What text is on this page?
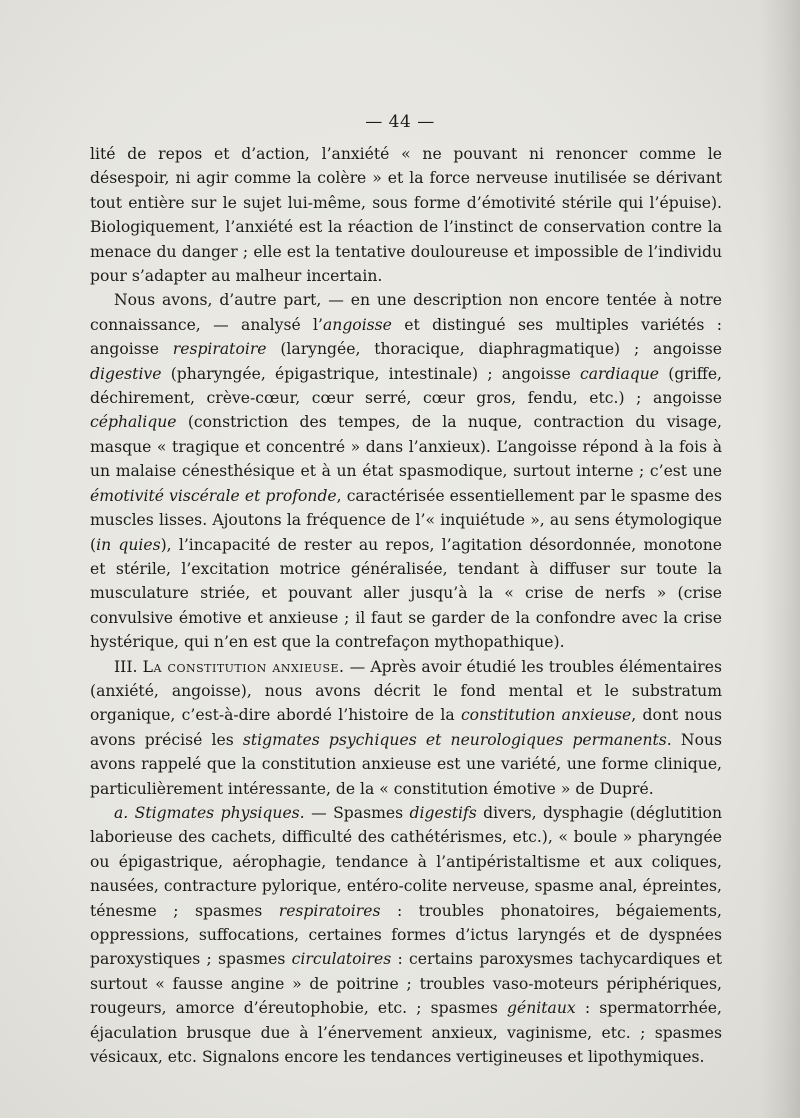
— 44 —

lité de repos et d’action, l’anxiété « ne pouvant ni renoncer comme le désespoir, ni agir comme la colère » et la force nerveuse inutilisée se dérivant tout entière sur le sujet lui-même, sous forme d’émotivité stérile qui l’épuise). Biologiquement, l’anxiété est la réaction de l’instinct de conservation contre la menace du danger ; elle est la tentative douloureuse et impossible de l’individu pour s’adapter au malheur incertain.

Nous avons, d’autre part, — en une description non encore tentée à notre connaissance, — analysé l’angoisse et distingué ses multiples variétés : angoisse respiratoire (laryngée, thoracique, diaphragmatique) ; angoisse digestive (pharyngée, épigastrique, intestinale) ; angoisse cardiaque (griffe, déchirement, crève-cœur, cœur serré, cœur gros, fendu, etc.) ; angoisse céphalique (constriction des tempes, de la nuque, contraction du visage, masque « tragique et concentré » dans l’anxieux). L’angoisse répond à la fois à un malaise cénesthésique et à un état spasmodique, surtout interne ; c’est une émotivité viscérale et profonde, caractérisée essentiellement par le spasme des muscles lisses. Ajoutons la fréquence de l’« inquiétude », au sens étymologique (in quies), l’incapacité de rester au repos, l’agitation désordonnée, monotone et stérile, l’excitation motrice généralisée, tendant à diffuser sur toute la musculature striée, et pouvant aller jusqu’à la « crise de nerfs » (crise convulsive émotive et anxieuse ; il faut se garder de la confondre avec la crise hystérique, qui n’en est que la contrefaçon mythopathique).

III. La constitution anxieuse. — Après avoir étudié les troubles élémentaires (anxiété, angoisse), nous avons décrit le fond mental et le substratum organique, c’est-à-dire abordé l’histoire de la constitution anxieuse, dont nous avons précisé les stigmates psychiques et neurologiques permanents. Nous avons rappelé que la constitution anxieuse est une variété, une forme clinique, particulièrement intéressante, de la « constitution émotive » de Dupré.

a. Stigmates physiques. — Spasmes digestifs divers, dysphagie (déglutition laborieuse des cachets, difficulté des cathétérismes, etc.), « boule » pharyngée ou épigastrique, aérophagie, tendance à l’antipéristaltisme et aux coliques, nausées, contracture pylorique, entéro-colite nerveuse, spasme anal, épreintes, ténesme ; spasmes respiratoires : troubles phonatoires, bégaiements, oppressions, suffocations, certaines formes d’ictus laryngés et de dyspnées paroxystiques ; spasmes circulatoires : certains paroxysmes tachycardiques et surtout « fausse angine » de poitrine ; troubles vaso-moteurs périphériques, rougeurs, amorce d’éreutophobie, etc. ; spasmes génitaux : spermatorrhée, éjaculation brusque due à l’énervement anxieux, vaginisme, etc. ; spasmes vésicaux, etc. Signalons encore les tendances vertigineuses et lipothymiques.
